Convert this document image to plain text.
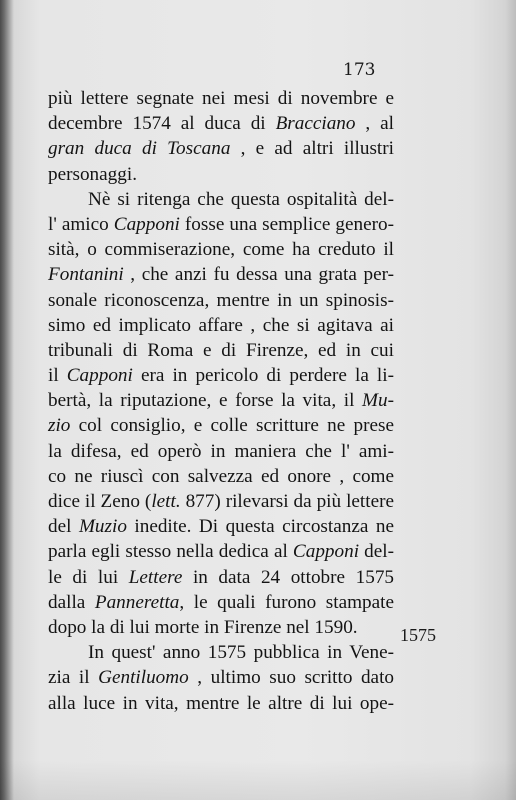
173
più lettere segnate nei mesi di novembre e
decembre 1574 al duca di Bracciano , al
gran duca di Toscana , e ad altri illustri
personaggi.
Nè si ritenga che questa ospitalità del-
l' amico Capponi fosse una semplice genero-
sità, o commiserazione, come ha creduto il
Fontanini , che anzi fu dessa una grata per-
sonale riconoscenza, mentre in un spinosis-
simo ed implicato affare , che si agitava ai
tribunali di Roma e di Firenze, ed in cui
il Capponi era in pericolo di perdere la li-
bertà, la riputazione, e forse la vita, il Mu-
zio col consiglio, e colle scritture ne prese
la difesa, ed operò in maniera che l' ami-
co ne riuscì con salvezza ed onore , come
dice il Zeno (lett. 877) rilevarsi da più lettere
del Muzio inedite. Di questa circostanza ne
parla egli stesso nella dedica al Capponi del-
le di lui Lettere in data 24 ottobre 1575
dalla Panneretta, le quali furono stampate
dopo la di lui morte in Firenze nel 1590.
In quest' anno 1575 pubblica in Vene-
zia il Gentiluomo , ultimo suo scritto dato
alla luce in vita, mentre le altre di lui ope-
1575
